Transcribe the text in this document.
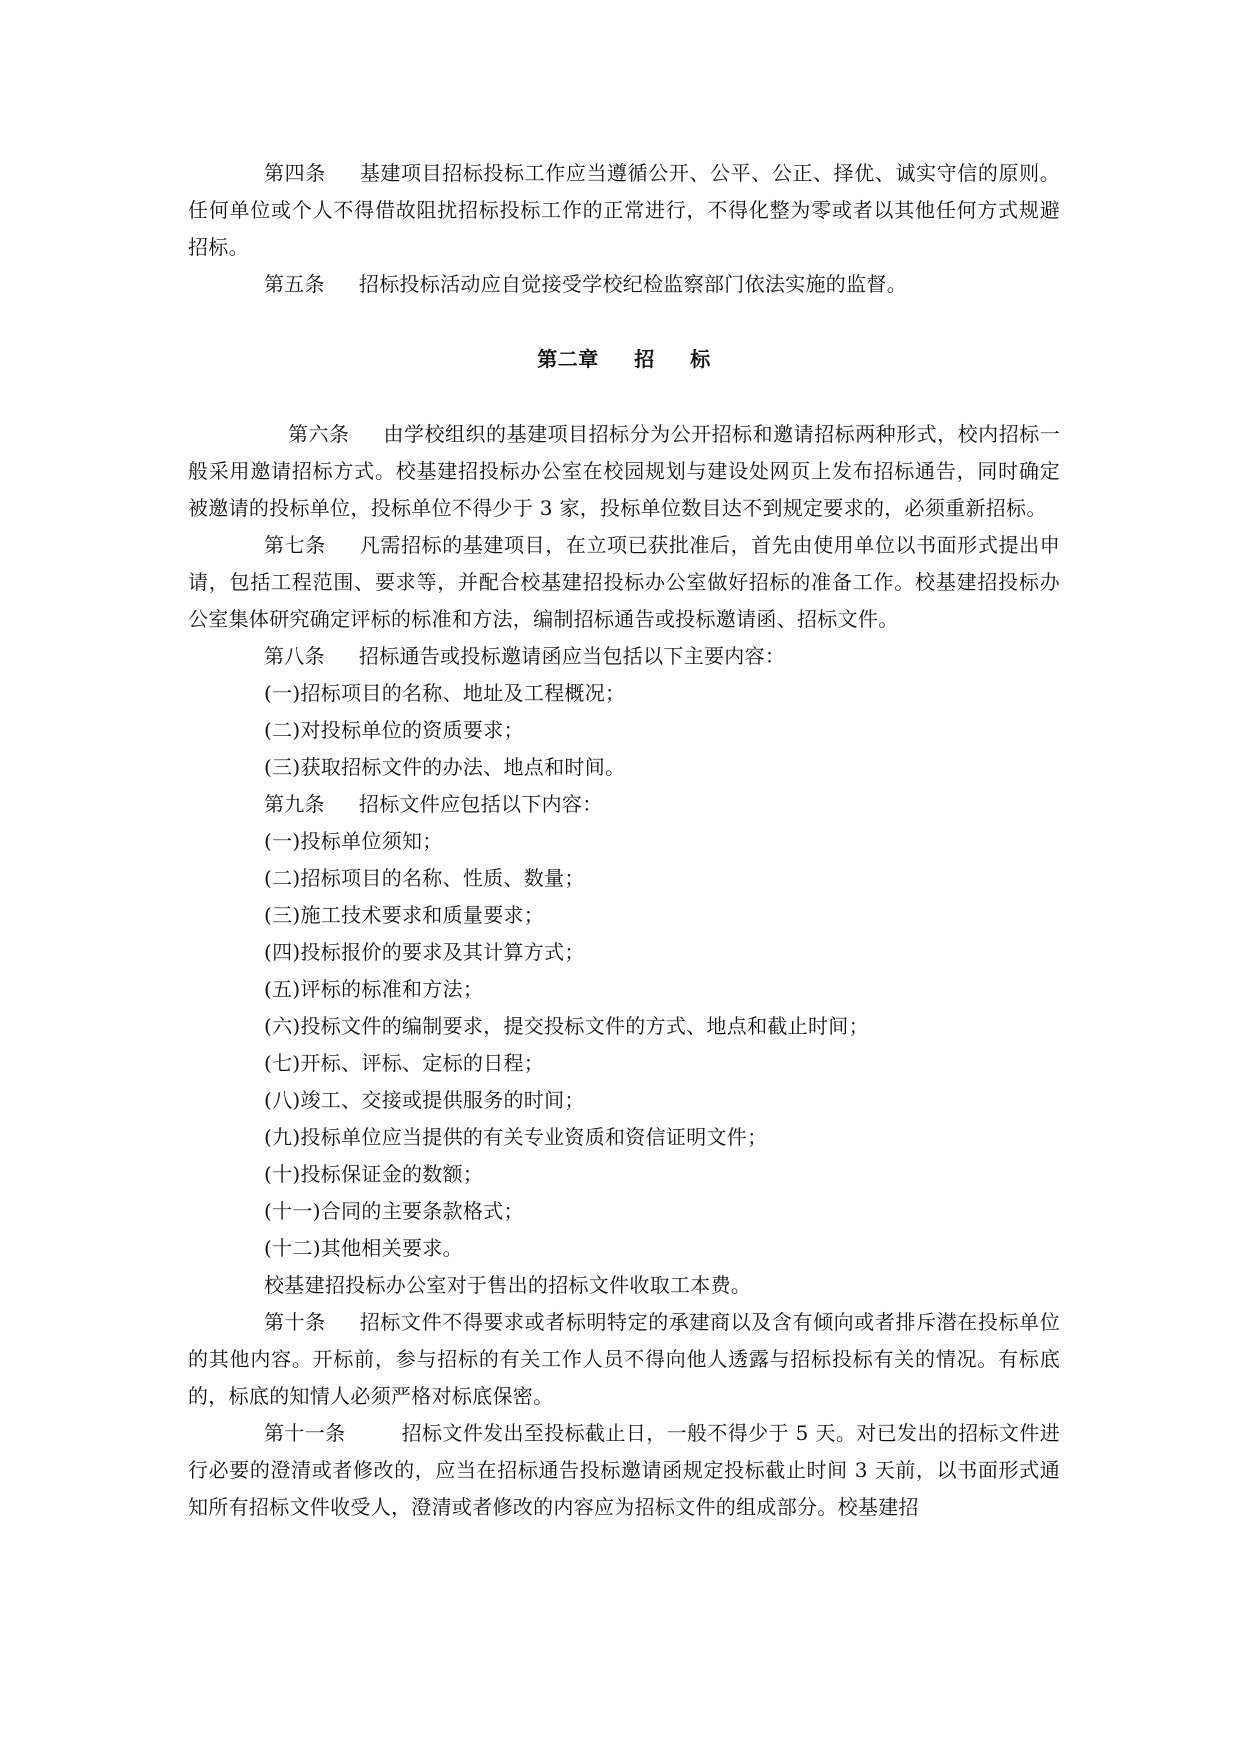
第四条 基建项目招标投标工作应当遵循公开、公平、公正、择优、诚实守信的原则。任何单位或个人不得借故阻扰招标投标工作的正常进行，不得化整为零或者以其他任何方式规避招标。

第五条 招标投标活动应自觉接受学校纪检监察部门依法实施的监督。

第二章 招 标

第六条 由学校组织的基建项目招标分为公开招标和邀请招标两种形式，校内招标一般采用邀请招标方式。校基建招投标办公室在校园规划与建设处网页上发布招标通告，同时确定被邀请的投标单位，投标单位不得少于 3 家，投标单位数目达不到规定要求的，必须重新招标。

第七条 凡需招标的基建项目，在立项已获批准后，首先由使用单位以书面形式提出申请，包括工程范围、要求等，并配合校基建招投标办公室做好招标的准备工作。校基建招投标办公室集体研究确定评标的标准和方法，编制招标通告或投标邀请函、招标文件。

第八条 招标通告或投标邀请函应当包括以下主要内容：

(一)招标项目的名称、地址及工程概况；

(二)对投标单位的资质要求；

(三)获取招标文件的办法、地点和时间。

第九条 招标文件应包括以下内容：

(一)投标单位须知；

(二)招标项目的名称、性质、数量；

(三)施工技术要求和质量要求；

(四)投标报价的要求及其计算方式；

(五)评标的标准和方法；

(六)投标文件的编制要求，提交投标文件的方式、地点和截止时间；

(七)开标、评标、定标的日程；

(八)竣工、交接或提供服务的时间；

(九)投标单位应当提供的有关专业资质和资信证明文件；

(十)投标保证金的数额；

(十一)合同的主要条款格式；

(十二)其他相关要求。

校基建招投标办公室对于售出的招标文件收取工本费。

第十条 招标文件不得要求或者标明特定的承建商以及含有倾向或者排斥潜在投标单位的其他内容。开标前，参与招标的有关工作人员不得向他人透露与招标投标有关的情况。有标底的，标底的知情人必须严格对标底保密。

第十一条	招标文件发出至投标截止日，一般不得少于 5 天。对已发出的招标文件进行必要的澄清或者修改的，应当在招标通告投标邀请函规定投标截止时间 3 天前，以书面形式通知所有招标文件收受人，澄清或者修改的内容应为招标文件的组成部分。校基建招
